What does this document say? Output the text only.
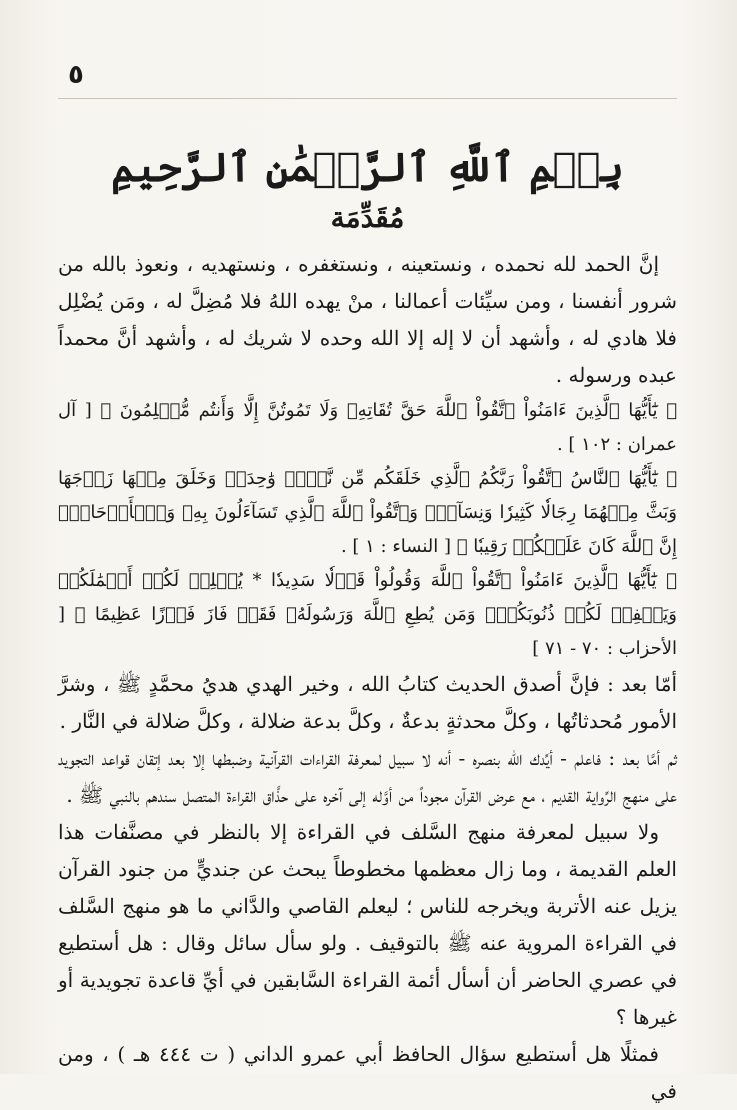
٥
بِسۡمِ ٱللَّهِ ٱلرَّحۡمَٰنِ ٱلرَّحِيمِ
مُقَدِّمَة

إنَّ الحمد لله نحمده ، ونستعينه ، ونستغفره ، ونستهديه ، ونعوذ بالله من شرور أنفسنا ، ومن سيِّئات أعمالنا ، منْ يهده اللهُ فلا مُضِلَّ له ، ومَن يُضْلِل فلا هادي له ، وأشهد أن لا إله إلا الله وحده لا شريك له ، وأشهد أنَّ محمداً عبده ورسوله .

﴿ يَٰٓأَيُّهَا ٱلَّذِينَ ءَامَنُواْ ٱتَّقُواْ ٱللَّهَ حَقَّ تُقَاتِهِۦ وَلَا تَمُوتُنَّ إِلَّا وَأَنتُم مُّسۡلِمُونَ ﴾ [ آل عمران : ١٠٢ ] .

﴿ يَٰٓأَيُّهَا ٱلنَّاسُ ٱتَّقُواْ رَبَّكُمُ ٱلَّذِي خَلَقَكُم مِّن نَّفۡسٖ وَٰحِدَةٖ وَخَلَقَ مِنۡهَا زَوۡجَهَا وَبَثَّ مِنۡهُمَا رِجَالٗا كَثِيرٗا وَنِسَآءٗۚ وَٱتَّقُواْ ٱللَّهَ ٱلَّذِي تَسَآءَلُونَ بِهِۦ وَٱلۡأَرۡحَامَۚ إِنَّ ٱللَّهَ كَانَ عَلَيۡكُمۡ رَقِيبٗا ﴾ [ النساء : ١ ] .

﴿ يَٰٓأَيُّهَا ٱلَّذِينَ ءَامَنُواْ ٱتَّقُواْ ٱللَّهَ وَقُولُواْ قَوۡلٗا سَدِيدٗا * يُصۡلِحۡ لَكُمۡ أَعۡمَٰلَكُمۡ وَيَغۡفِرۡ لَكُمۡ ذُنُوبَكُمۡۗ وَمَن يُطِعِ ٱللَّهَ وَرَسُولَهُۥ فَقَدۡ فَازَ فَوۡزًا عَظِيمًا ﴾ [ الأحزاب : ٧٠ - ٧١ ]

أمّا بعد : فإنَّ أصدق الحديث كتابُ الله ، وخير الهدي هديُ محمَّدٍ ﷺ ، وشرَّ الأمور مُحدثاتُها ، وكلَّ محدثةٍ بدعةٌ ، وكلَّ بدعة ضلالة ، وكلَّ ضلالة في النَّار .

ثم أمَّا بعد : فاعلم - أيِّدك الله بنصره - أنه لا سبيل لمعرفة القراءات القرآنية وضبطها إلا بعد إتقان قواعد التجويد على منهج الرِّواية القديم ، مع عرض القرآن مجوداً من أوَّله إلى آخره على حذَّاق القراءة المتصل سندهم بالنبي ﷺ .

ولا سبيل لمعرفة منهج السَّلف في القراءة إلا بالنظر في مصنَّفات هذا العلم القديمة ، وما زال معظمها مخطوطاً يبحث عن جنديٍّ من جنود القرآن يزيل عنه الأتربة ويخرجه للناس ؛ ليعلم القاصي والدَّاني ما هو منهج السَّلف في القراءة المروية عنه ﷺ بالتوقيف . ولو سأل سائل وقال : هل أستطيع في عصري الحاضر أن أسأل أئمة القراءة السَّابقين في أيِّ قاعدة تجويدية أو غيرها ؟

فمثلًا هل أستطيع سؤال الحافظ أبي عمرو الداني ( ت ٤٤٤ هـ ) ، ومن في
